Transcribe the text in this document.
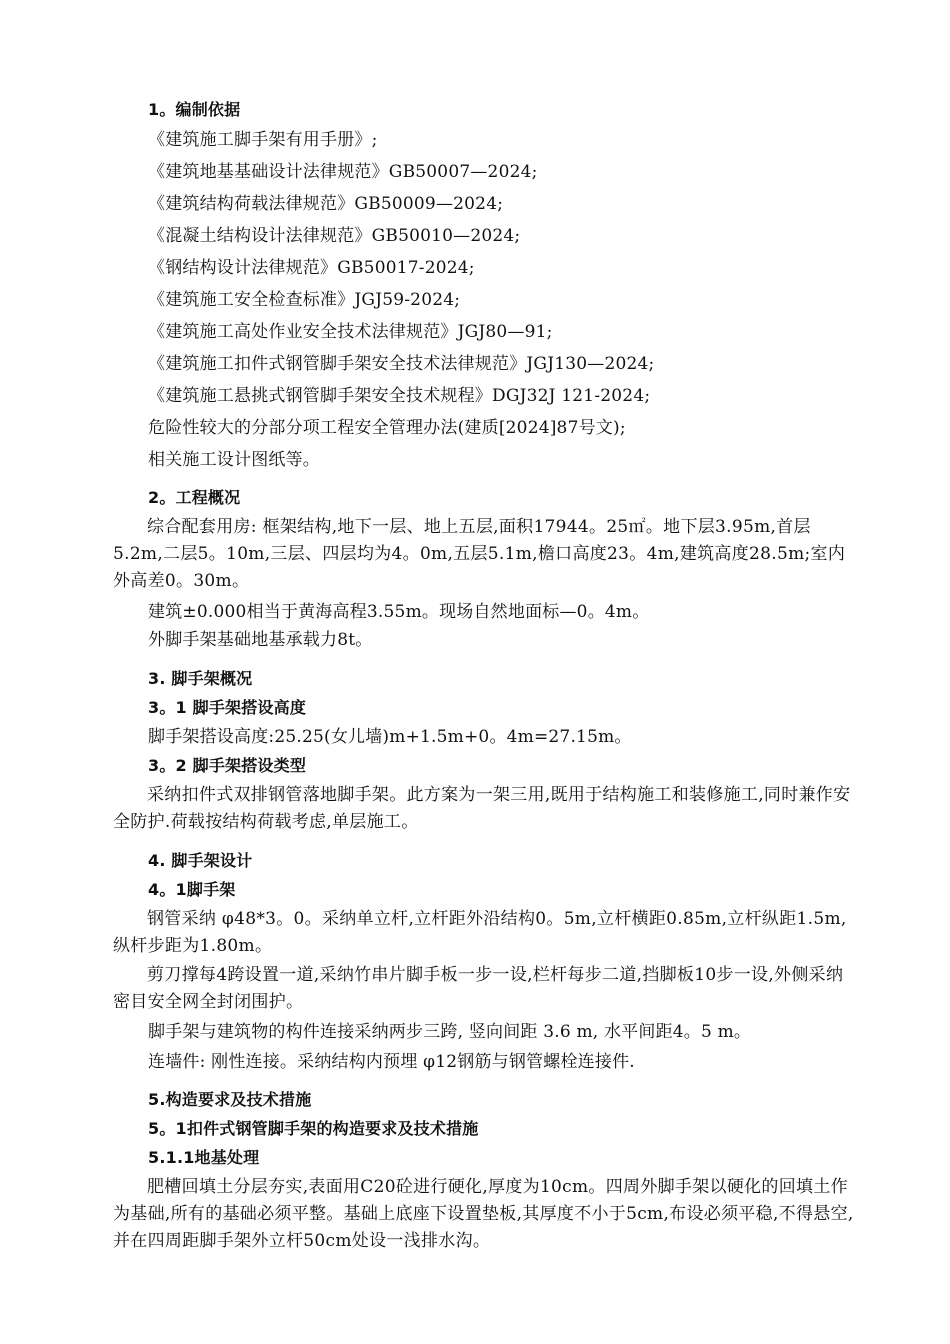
1。编制依据
《建筑施工脚手架有用手册》;
《建筑地基基础设计法律规范》GB50007—2024;
《建筑结构荷载法律规范》GB50009—2024;
《混凝土结构设计法律规范》GB50010—2024;
《钢结构设计法律规范》GB50017-2024;
《建筑施工安全检查标准》JGJ59-2024;
《建筑施工高处作业安全技术法律规范》JGJ80—91;
《建筑施工扣件式钢管脚手架安全技术法律规范》JGJ130—2024;
《建筑施工悬挑式钢管脚手架安全技术规程》DGJ32J 121-2024;
危险性较大的分部分项工程安全管理办法(建质[2024]87号文);
相关施工设计图纸等。
2。工程概况
综合配套用房: 框架结构,地下一层、地上五层,面积17944。25㎡。地下层3.95m,首层5.2m,二层5。10m,三层、四层均为4。0m,五层5.1m,檐口高度23。4m,建筑高度28.5m;室内外高差0。30m。
建筑±0.000相当于黄海高程3.55m。现场自然地面标—0。4m。
外脚手架基础地基承载力8t。
3. 脚手架概况
3。1 脚手架搭设高度
脚手架搭设高度:25.25(女儿墙)m+1.5m+0。4m=27.15m。
3。2 脚手架搭设类型
采纳扣件式双排钢管落地脚手架。此方案为一架三用,既用于结构施工和装修施工,同时兼作安全防护.荷载按结构荷载考虑,单层施工。
4. 脚手架设计
4。1脚手架
钢管采纳 φ48*3。0。采纳单立杆,立杆距外沿结构0。5m,立杆横距0.85m,立杆纵距1.5m,纵杆步距为1.80m。
剪刀撑每4跨设置一道,采纳竹串片脚手板一步一设,栏杆每步二道,挡脚板10步一设,外侧采纳密目安全网全封闭围护。
脚手架与建筑物的构件连接采纳两步三跨, 竖向间距 3.6 m, 水平间距4。5 m。
连墙件: 刚性连接。采纳结构内预埋 φ12钢筋与钢管螺栓连接件.
5.构造要求及技术措施
5。1扣件式钢管脚手架的构造要求及技术措施
5.1.1地基处理
肥槽回填土分层夯实,表面用C20砼进行硬化,厚度为10cm。四周外脚手架以硬化的回填土作为基础,所有的基础必须平整。基础上底座下设置垫板,其厚度不小于5cm,布设必须平稳,不得悬空,并在四周距脚手架外立杆50cm处设一浅排水沟。
